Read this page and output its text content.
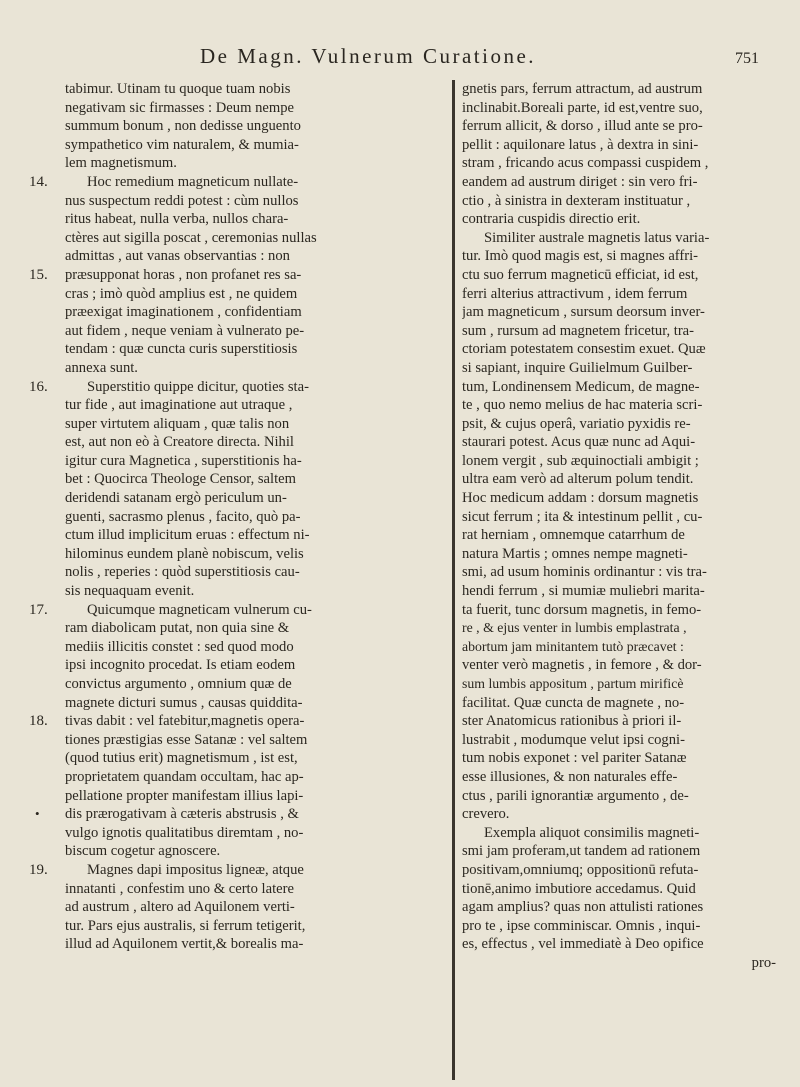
De Magn. Vulnerum Curatione.	751
tabimur. Utinam tu quoque tuam nobis
negativam sic firmasses : Deum nempe
summum bonum , non dedisse unguento
sympathetico vim naturalem, & mumia-
lem magnetismum.
Hoc remedium magneticum nullate-
nus suspectum reddi potest : cùm nullos
ritus habeat, nulla verba, nullos chara-
ctères aut sigilla poscat , ceremonias nullas
admittas , aut vanas observantias : non
præsupponat horas , non profanet res sa-
cras ; imò quòd amplius est , ne quidem
præexigat imaginationem , confidentiam
aut fidem , neque veniam à vulnerato pe-
tendam : quæ cuncta curis superstitiosis
annexa sunt.
Superstitio quippe dicitur, quoties sta-
tur fide , aut imaginatione aut utraque ,
super virtutem aliquam , quæ talis non
est, aut non eò à Creatore directa. Nihil
igitur cura Magnetica , superstitionis ha-
bet : Quocirca Theologe Censor, saltem
deridendi satanam ergò periculum un-
guenti, sacrasmo plenus , facito, quò pa-
ctum illud implicitum eruas : effectum ni-
hilominus eundem planè nobiscum, velis
nolis , reperies : quòd superstitiosis cau-
sis nequaquam evenit.
Quicumque magneticam vulnerum cu-
ram diabolicam putat, non quia sine &
mediis illicitis constet : sed quod modo
ipsi incognito procedat. Is etiam eodem
convictus argumento , omnium quæ de
magnete dicturi sumus , causas quiddita-
tivas dabit : vel fatebitur,magnetis opera-
tiones præstigias esse Satanæ : vel saltem
(quod tutius erit) magnetismum , ist est,
proprietatem quandam occultam, hac ap-
pellatione propter manifestam illius lapi-
dis prærogativam à cæteris abstrusis , &
vulgo ignotis qualitatibus diremtam , no-
biscum cogetur agnoscere.
Magnes dapi impositus ligneæ, atque
innatanti , confestim uno & certo latere
ad austrum , altero ad Aquilonem verti-
tur. Pars ejus australis, si ferrum tetigerit,
illud ad Aquilonem vertit,& borealis ma-
14.
15.
16.
17.
18.
19.
•
gnetis pars, ferrum attractum, ad austrum
inclinabit.Boreali parte, id est,ventre suo,
ferrum allicit, & dorso , illud ante se pro-
pellit : aquilonare latus , à dextra in sini-
stram , fricando acus compassi cuspidem ,
eandem ad austrum diriget : sin vero fri-
ctio , à sinistra in dexteram instituatur ,
contraria cuspidis directio erit.
Similiter australe magnetis latus varia-
tur. Imò quod magis est, si magnes affri-
ctu suo ferrum magneticū efficiat, id est,
ferri alterius attractivum , idem ferrum
jam magneticum , sursum deorsum inver-
sum , rursum ad magnetem fricetur, tra-
ctoriam potestatem consestim exuet. Quæ
si sapiant, inquire Guilielmum Guilber-
tum, Londinensem Medicum, de magne-
te , quo nemo melius de hac materia scri-
psit, & cujus operâ, variatio pyxidis re-
staurari potest. Acus quæ nunc ad Aqui-
lonem vergit , sub æquinoctiali ambigit ;
ultra eam verò ad alterum polum tendit.
Hoc medicum addam : dorsum magnetis
sicut ferrum ; ita & intestinum pellit , cu-
rat herniam , omnemque catarrhum de
natura Martis ; omnes nempe magneti-
smi, ad usum hominis ordinantur : vis tra-
hendi ferrum , si mumiæ muliebri marita-
ta fuerit, tunc dorsum magnetis, in femo-
re , & ejus venter in lumbis emplastrata ,
abortum jam minitantem tutò præcavet :
venter verò magnetis , in femore , & dor-
sum lumbis appositum , partum mirificè
facilitat. Quæ cuncta de magnete , no-
ster Anatomicus rationibus à priori il-
lustrabit , modumque velut ipsi cogni-
tum nobis exponet : vel pariter Satanæ
esse illusiones, & non naturales effe-
ctus , parili ignorantiæ argumento , de-
crevero.
Exempla aliquot consimilis magneti-
smi jam proferam,ut tandem ad rationem
positivam,omniumq; oppositionū refuta-
tionē,animo imbutiore accedamus. Quid
agam amplius? quas non attulisti rationes
pro te , ipse comminiscar. Omnis , inqui-
es, effectus , vel immediatè à Deo opifice
pro-
